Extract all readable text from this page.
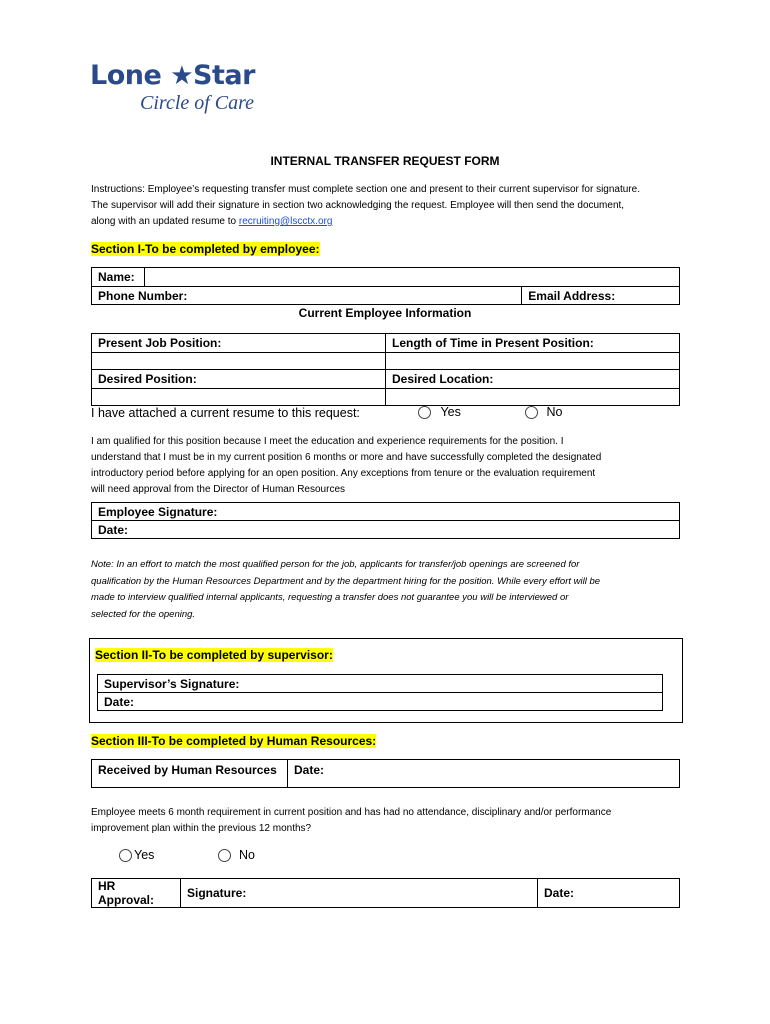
Lone ★Star
Circle of Care
INTERNAL TRANSFER REQUEST FORM
Instructions: Employee’s requesting transfer must complete section one and present to their current supervisor for signature.
The supervisor will add their signature in section two acknowledging the request. Employee will then send the document,
along with an updated resume to recruiting@lscctx.org
Section I-To be completed by employee:
Name:		
Phone Number:		Email Address:
Current Employee Information
Present Job Position:	Length of Time in Present Position:

Desired Position:	Desired Location:

I have attached a current resume to this request:	Yes	No
I am qualified for this position because I meet the education and experience requirements for the position. I
understand that I must be in my current position 6 months or more and have successfully completed the designated
introductory period before applying for an open position. Any exceptions from tenure or the evaluation requirement
will need approval from the Director of Human Resources
Employee Signature:
Date:
Note: In an effort to match the most qualified person for the job, applicants for transfer/job openings are screened for
qualification by the Human Resources Department and by the department hiring for the position. While every effort will be
made to interview qualified internal applicants, requesting a transfer does not guarantee you will be interviewed or
selected for the opening.
Section II-To be completed by supervisor:
Supervisor’s Signature:
Date:
Section III-To be completed by Human Resources:
Received by Human Resources	Date:
Employee meets 6 month requirement in current position and has had no attendance, disciplinary and/or performance
improvement plan within the previous 12 months?
Yes	No
HR Approval:	Signature:	Date:
